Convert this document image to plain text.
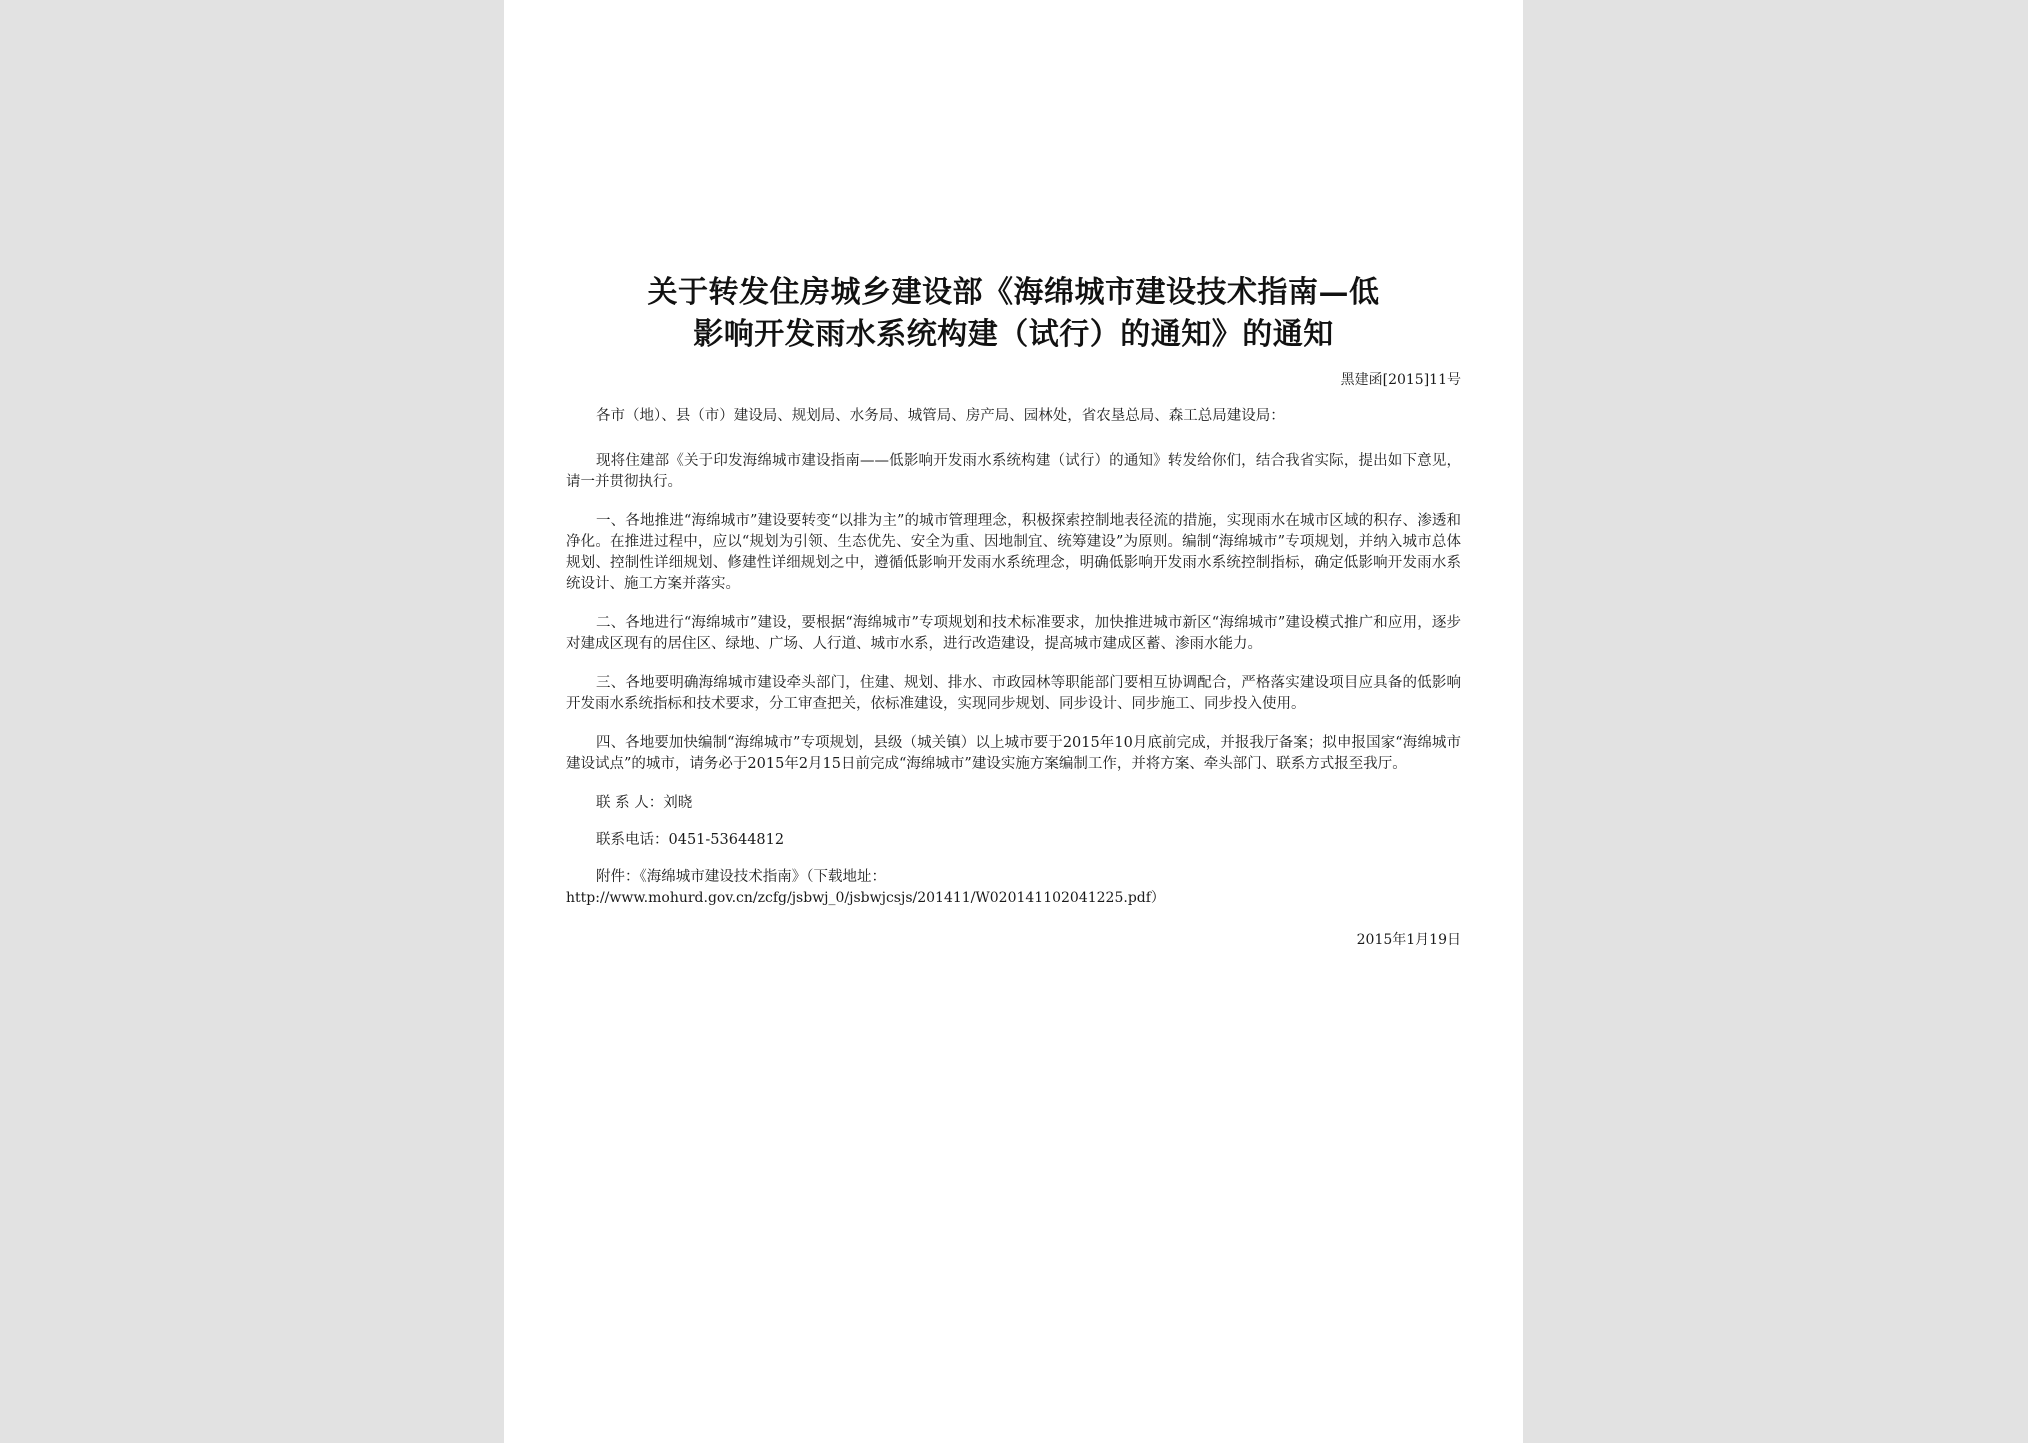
关于转发住房城乡建设部《海绵城市建设技术指南—低
影响开发雨水系统构建（试行）的通知》的通知
黑建函[2015]11号

各市（地）、县（市）建设局、规划局、水务局、城管局、房产局、园林处，省农垦总局、森工总局建设局：

现将住建部《关于印发海绵城市建设指南——低影响开发雨水系统构建（试行）的通知》转发给你们，结合我省实际，提出如下意见，请一并贯彻执行。

一、各地推进“海绵城市”建设要转变“以排为主”的城市管理理念，积极探索控制地表径流的措施，实现雨水在城市区域的积存、渗透和净化。在推进过程中，应以“规划为引领、生态优先、安全为重、因地制宜、统筹建设”为原则。编制“海绵城市”专项规划，并纳入城市总体规划、控制性详细规划、修建性详细规划之中，遵循低影响开发雨水系统理念，明确低影响开发雨水系统控制指标，确定低影响开发雨水系统设计、施工方案并落实。

二、各地进行“海绵城市”建设，要根据“海绵城市”专项规划和技术标准要求，加快推进城市新区“海绵城市”建设模式推广和应用，逐步对建成区现有的居住区、绿地、广场、人行道、城市水系，进行改造建设，提高城市建成区蓄、渗雨水能力。

三、各地要明确海绵城市建设牵头部门，住建、规划、排水、市政园林等职能部门要相互协调配合，严格落实建设项目应具备的低影响开发雨水系统指标和技术要求，分工审查把关，依标准建设，实现同步规划、同步设计、同步施工、同步投入使用。

四、各地要加快编制“海绵城市”专项规划，县级（城关镇）以上城市要于2015年10月底前完成，并报我厅备案；拟申报国家“海绵城市建设试点”的城市，请务必于2015年2月15日前完成“海绵城市”建设实施方案编制工作，并将方案、牵头部门、联系方式报至我厅。

联 系 人：刘晓

联系电话：0451-53644812

附件：《海绵城市建设技术指南》（下载地址：

http://www.mohurd.gov.cn/zcfg/jsbwj_0/jsbwjcsjs/201411/W020141102041225.pdf）

2015年1月19日
